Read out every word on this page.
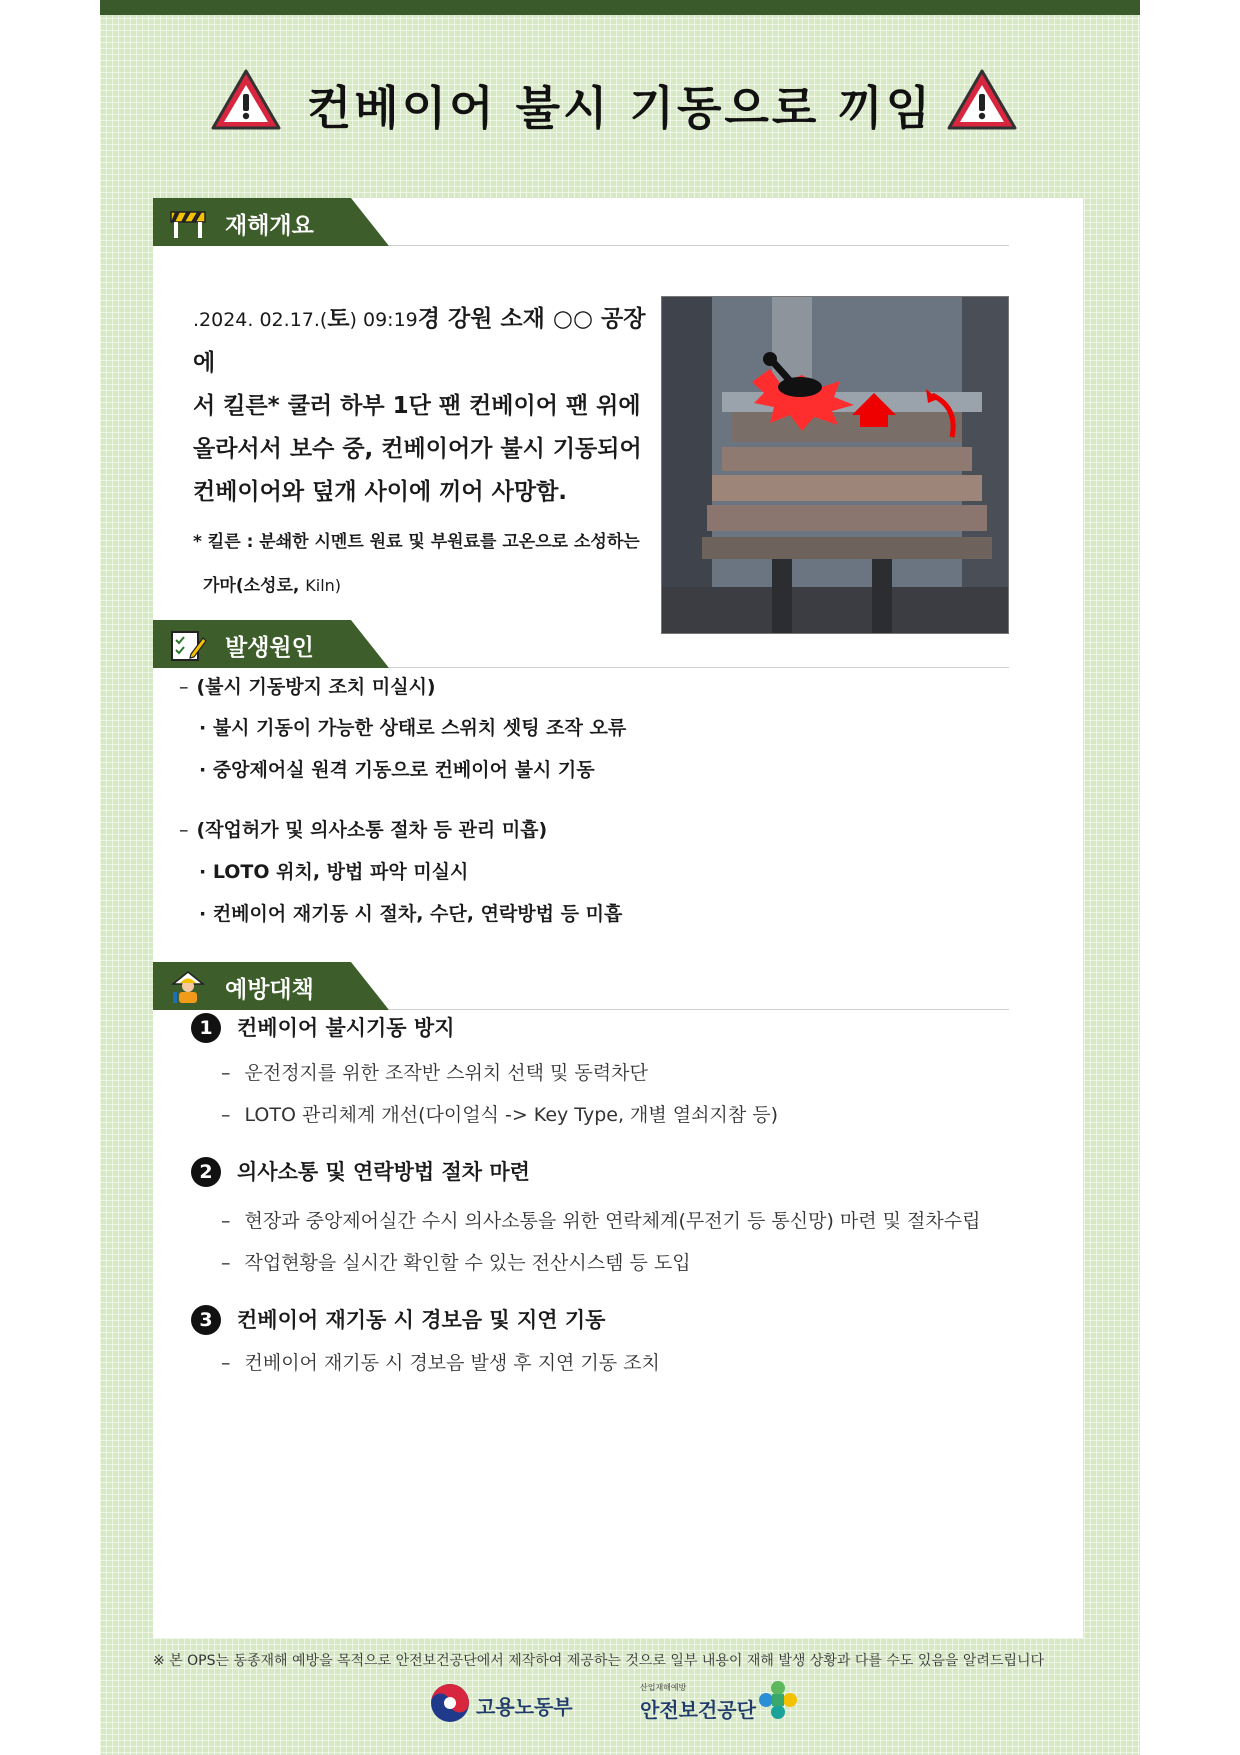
컨베이어 불시 기동으로 끼임
재해개요
.2024. 02.17.(토) 09:19경 강원 소재 ○○ 공장에
서 킬른* 쿨러 하부 1단 팬 컨베이어 팬 위에
올라서서 보수 중, 컨베이어가 불시 기동되어
컨베이어와 덮개 사이에 끼어 사망함.
* 킬른 : 분쇄한 시멘트 원료 및 부원료를 고온으로 소성하는
가마(소성로, Kiln)
발생원인
– (불시 기동방지 조치 미실시)
· 불시 기동이 가능한 상태로 스위치 셋팅 조작 오류
· 중앙제어실 원격 기동으로 컨베이어 불시 기동
– (작업허가 및 의사소통 절차 등 관리 미흡)
· LOTO 위치, 방법 파악 미실시
· 컨베이어 재기동 시 절차, 수단, 연락방법 등 미흡
예방대책
1	컨베이어 불시기동 방지
– 운전정지를 위한 조작반 스위치 선택 및 동력차단
– LOTO 관리체계 개선(다이얼식 -> Key Type, 개별 열쇠지참 등)
2	의사소통 및 연락방법 절차 마련
– 현장과 중앙제어실간 수시 의사소통을 위한 연락체계(무전기 등 통신망) 마련 및 절차수립
– 작업현황을 실시간 확인할 수 있는 전산시스템 등 도입
3	컨베이어 재기동 시 경보음 및 지연 기동
– 컨베이어 재기동 시 경보음 발생 후 지연 기동 조치
※ 본 OPS는 동종재해 예방을 목적으로 안전보건공단에서 제작하여 제공하는 것으로 일부 내용이 재해 발생 상황과 다를 수도 있음을 알려드립니다
고용노동부
산업재해예방
안전보건공단
